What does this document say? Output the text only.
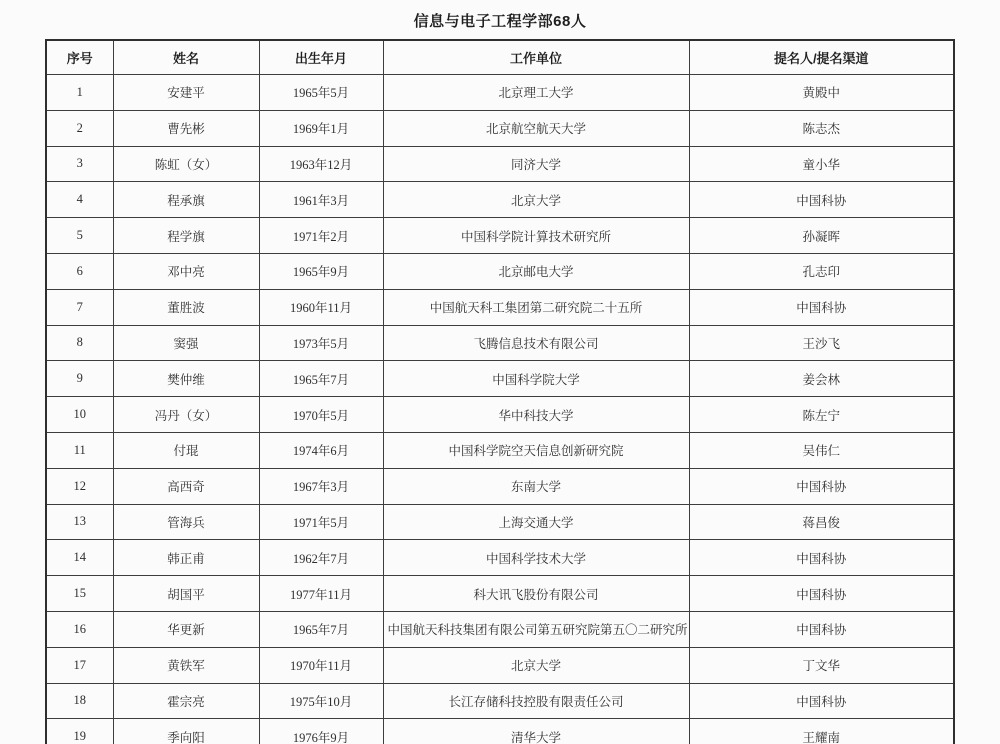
信息与电子工程学部68人
序号	姓名	出生年月	工作单位	提名人/提名渠道
1	安建平	1965年5月	北京理工大学	黄殿中
2	曹先彬	1969年1月	北京航空航天大学	陈志杰
3	陈虹（女）	1963年12月	同济大学	童小华
4	程承旗	1961年3月	北京大学	中国科协
5	程学旗	1971年2月	中国科学院计算技术研究所	孙凝晖
6	邓中亮	1965年9月	北京邮电大学	孔志印
7	董胜波	1960年11月	中国航天科工集团第二研究院二十五所	中国科协
8	窦强	1973年5月	飞腾信息技术有限公司	王沙飞
9	樊仲维	1965年7月	中国科学院大学	姜会林
10	冯丹（女）	1970年5月	华中科技大学	陈左宁
11	付琨	1974年6月	中国科学院空天信息创新研究院	吴伟仁
12	高西奇	1967年3月	东南大学	中国科协
13	管海兵	1971年5月	上海交通大学	蒋昌俊
14	韩正甫	1962年7月	中国科学技术大学	中国科协
15	胡国平	1977年11月	科大讯飞股份有限公司	中国科协
16	华更新	1965年7月	中国航天科技集团有限公司第五研究院第五〇二研究所	中国科协
17	黄铁军	1970年11月	北京大学	丁文华
18	霍宗亮	1975年10月	长江存储科技控股有限责任公司	中国科协
19	季向阳	1976年9月	清华大学	王耀南
